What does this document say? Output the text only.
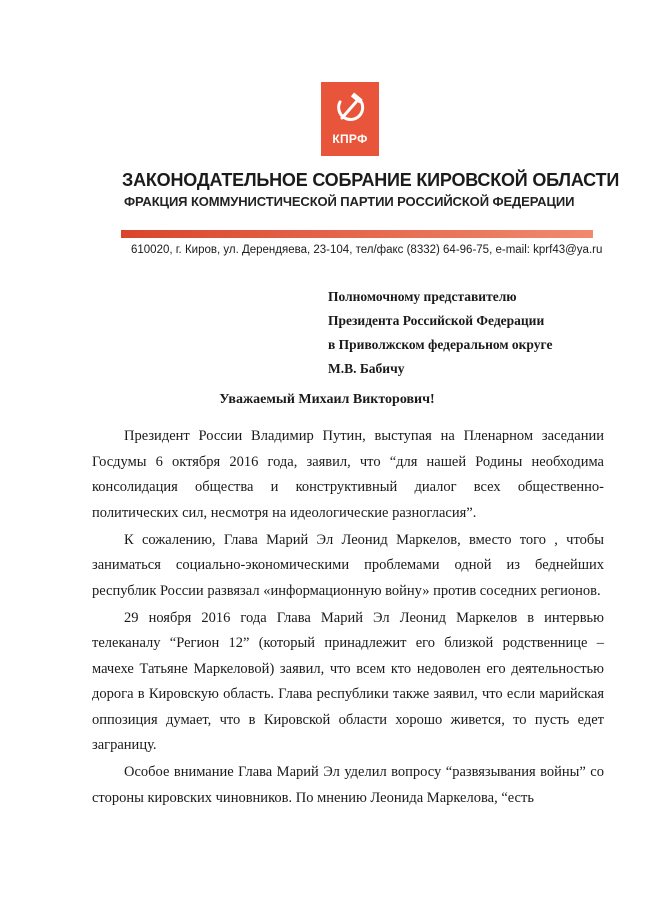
КПРФ
ЗАКОНОДАТЕЛЬНОЕ СОБРАНИЕ КИРОВСКОЙ ОБЛАСТИ
ФРАКЦИЯ КОММУНИСТИЧЕСКОЙ ПАРТИИ РОССИЙСКОЙ ФЕДЕРАЦИИ
610020, г. Киров, ул. Дерендяева, 23-104, тел/факс (8332) 64-96-75, e-mail: kprf43@ya.ru
Полномочному представителю
Президента Российской Федерации
в Приволжском федеральном округе
М.В. Бабичу
Уважаемый Михаил Викторович!

Президент России Владимир Путин, выступая на Пленарном заседании Госдумы 6 октября 2016 года, заявил, что “для нашей Родины необходима консолидация общества и конструктивный диалог всех общественно-политических сил, несмотря на идеологические разногласия”.

К сожалению, Глава Марий Эл Леонид Маркелов, вместо того , чтобы заниматься социально-экономическими проблемами одной из беднейших республик России развязал «информационную войну» против соседних регионов.

29 ноября 2016 года Глава Марий Эл Леонид Маркелов в интервью телеканалу “Регион 12” (который принадлежит его близкой родственнице – мачехе Татьяне Маркеловой) заявил, что всем кто недоволен его деятельностью дорога в Кировскую область. Глава республики также заявил, что если марийская оппозиция думает, что в Кировской области хорошо живется, то пусть едет заграницу.

Особое внимание Глава Марий Эл уделил вопросу “развязывания войны” со стороны кировских чиновников. По мнению Леонида Маркелова, “есть
